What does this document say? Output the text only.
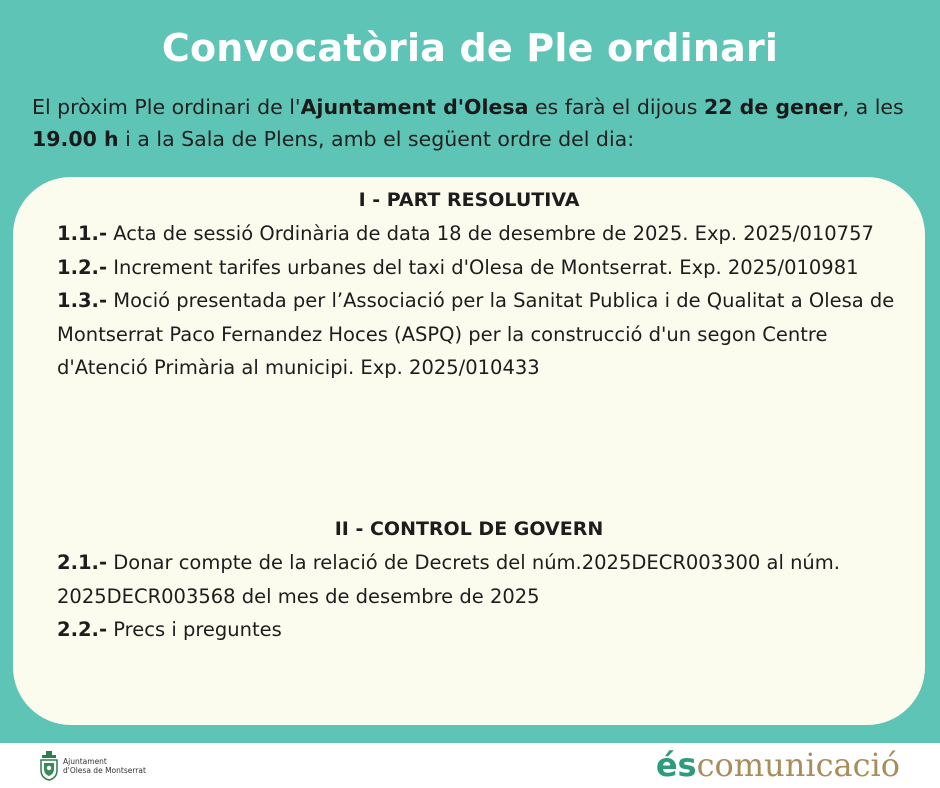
Convocatòria de Ple ordinari

El pròxim Ple ordinari de l'Ajuntament d'Olesa es farà el dijous 22 de gener, a les 19.00 h i a la Sala de Plens, amb el següent ordre del dia:

I - PART RESOLUTIVA
1.1.- Acta de sessió Ordinària de data 18 de desembre de 2025. Exp. 2025/010757
1.2.- Increment tarifes urbanes del taxi d'Olesa de Montserrat. Exp. 2025/010981
1.3.- Moció presentada per l’Associació per la Sanitat Publica i de Qualitat a Olesa de Montserrat Paco Fernandez Hoces (ASPQ) per la construcció d'un segon Centre d'Atenció Primària al municipi. Exp. 2025/010433
II - CONTROL DE GOVERN
2.1.- Donar compte de la relació de Decrets del núm.2025DECR003300 al núm. 2025DECR003568 del mes de desembre de 2025
2.2.- Precs i preguntes
Ajuntament
d'Olesa de Montserrat	éscomunicació
